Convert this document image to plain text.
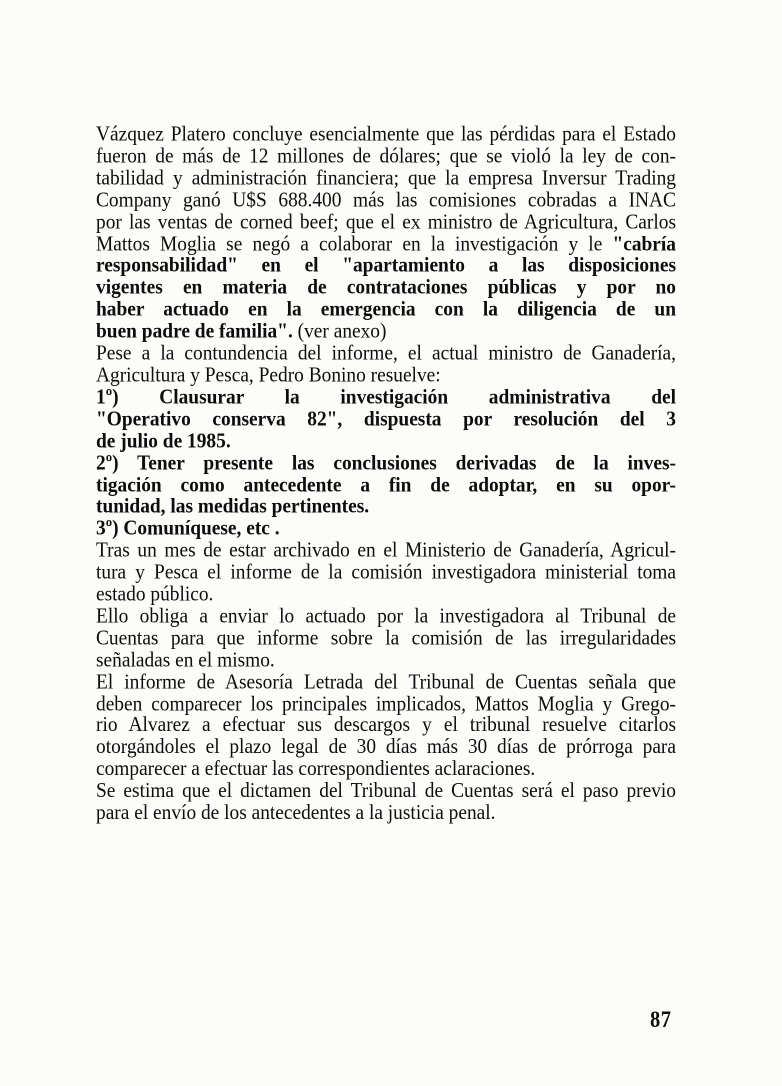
Vázquez Platero concluye esencialmente que las pérdidas para el Estado
fueron de más de 12 millones de dólares; que se violó la ley de con-
tabilidad y administración financiera; que la empresa Inversur Trading
Company ganó U$S 688.400 más las comisiones cobradas a INAC
por las ventas de corned beef; que el ex ministro de Agricultura, Carlos
Mattos Moglia se negó a colaborar en la investigación y le "cabría
responsabilidad" en el "apartamiento a las disposiciones
vigentes en materia de contrataciones públicas y por no
haber actuado en la emergencia con la diligencia de un
buen padre de familia". (ver anexo)
Pese a la contundencia del informe, el actual ministro de Ganadería,
Agricultura y Pesca, Pedro Bonino resuelve:
1º) Clausurar la investigación administrativa del
"Operativo conserva 82", dispuesta por resolución del 3
de julio de 1985.
2º) Tener presente las conclusiones derivadas de la inves-
tigación como antecedente a fin de adoptar, en su opor-
tunidad, las medidas pertinentes.
3º) Comuníquese, etc .
Tras un mes de estar archivado en el Ministerio de Ganadería, Agricul-
tura y Pesca el informe de la comisión investigadora ministerial toma
estado público.
Ello obliga a enviar lo actuado por la investigadora al Tribunal de
Cuentas para que informe sobre la comisión de las irregularidades
señaladas en el mismo.
El informe de Asesoría Letrada del Tribunal de Cuentas señala que
deben comparecer los principales implicados, Mattos Moglia y Grego-
rio Alvarez a efectuar sus descargos y el tribunal resuelve citarlos
otorgándoles el plazo legal de 30 días más 30 días de prórroga para
comparecer a efectuar las correspondientes aclaraciones.
Se estima que el dictamen del Tribunal de Cuentas será el paso previo
para el envío de los antecedentes a la justicia penal.
87
